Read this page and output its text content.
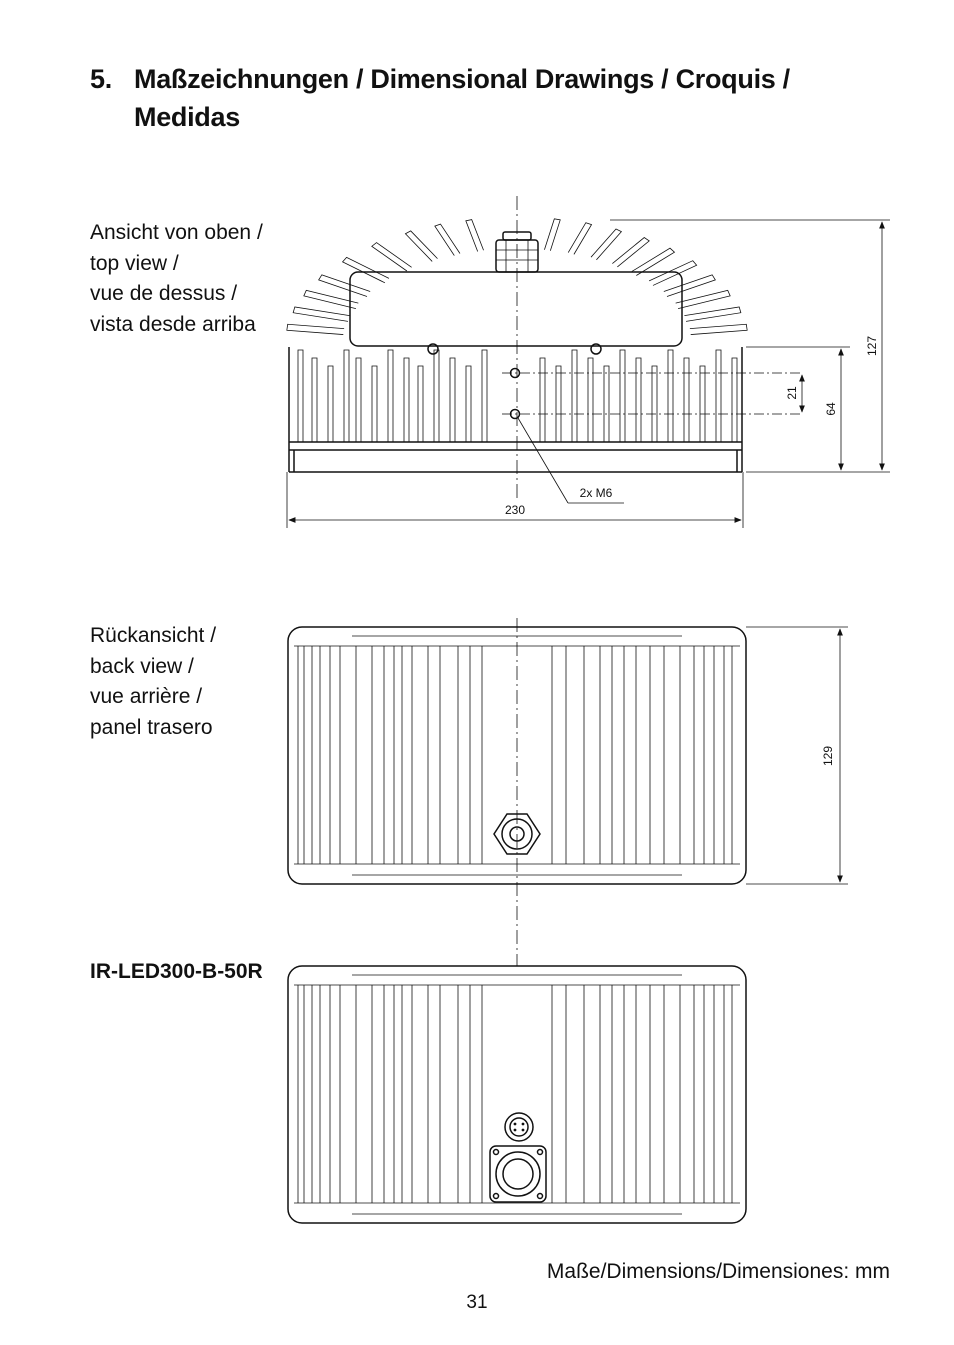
5. Maßzeichnungen / Dimensional Drawings / Croquis / Medidas
Ansicht von oben /
top view /
vue de dessus /
vista desde arriba
Rückansicht /
back view /
vue arrière /
panel trasero
IR-LED300-B-50R
230
127
64
21
2x M6
129
Maße/Dimensions/Dimensiones: mm
31
